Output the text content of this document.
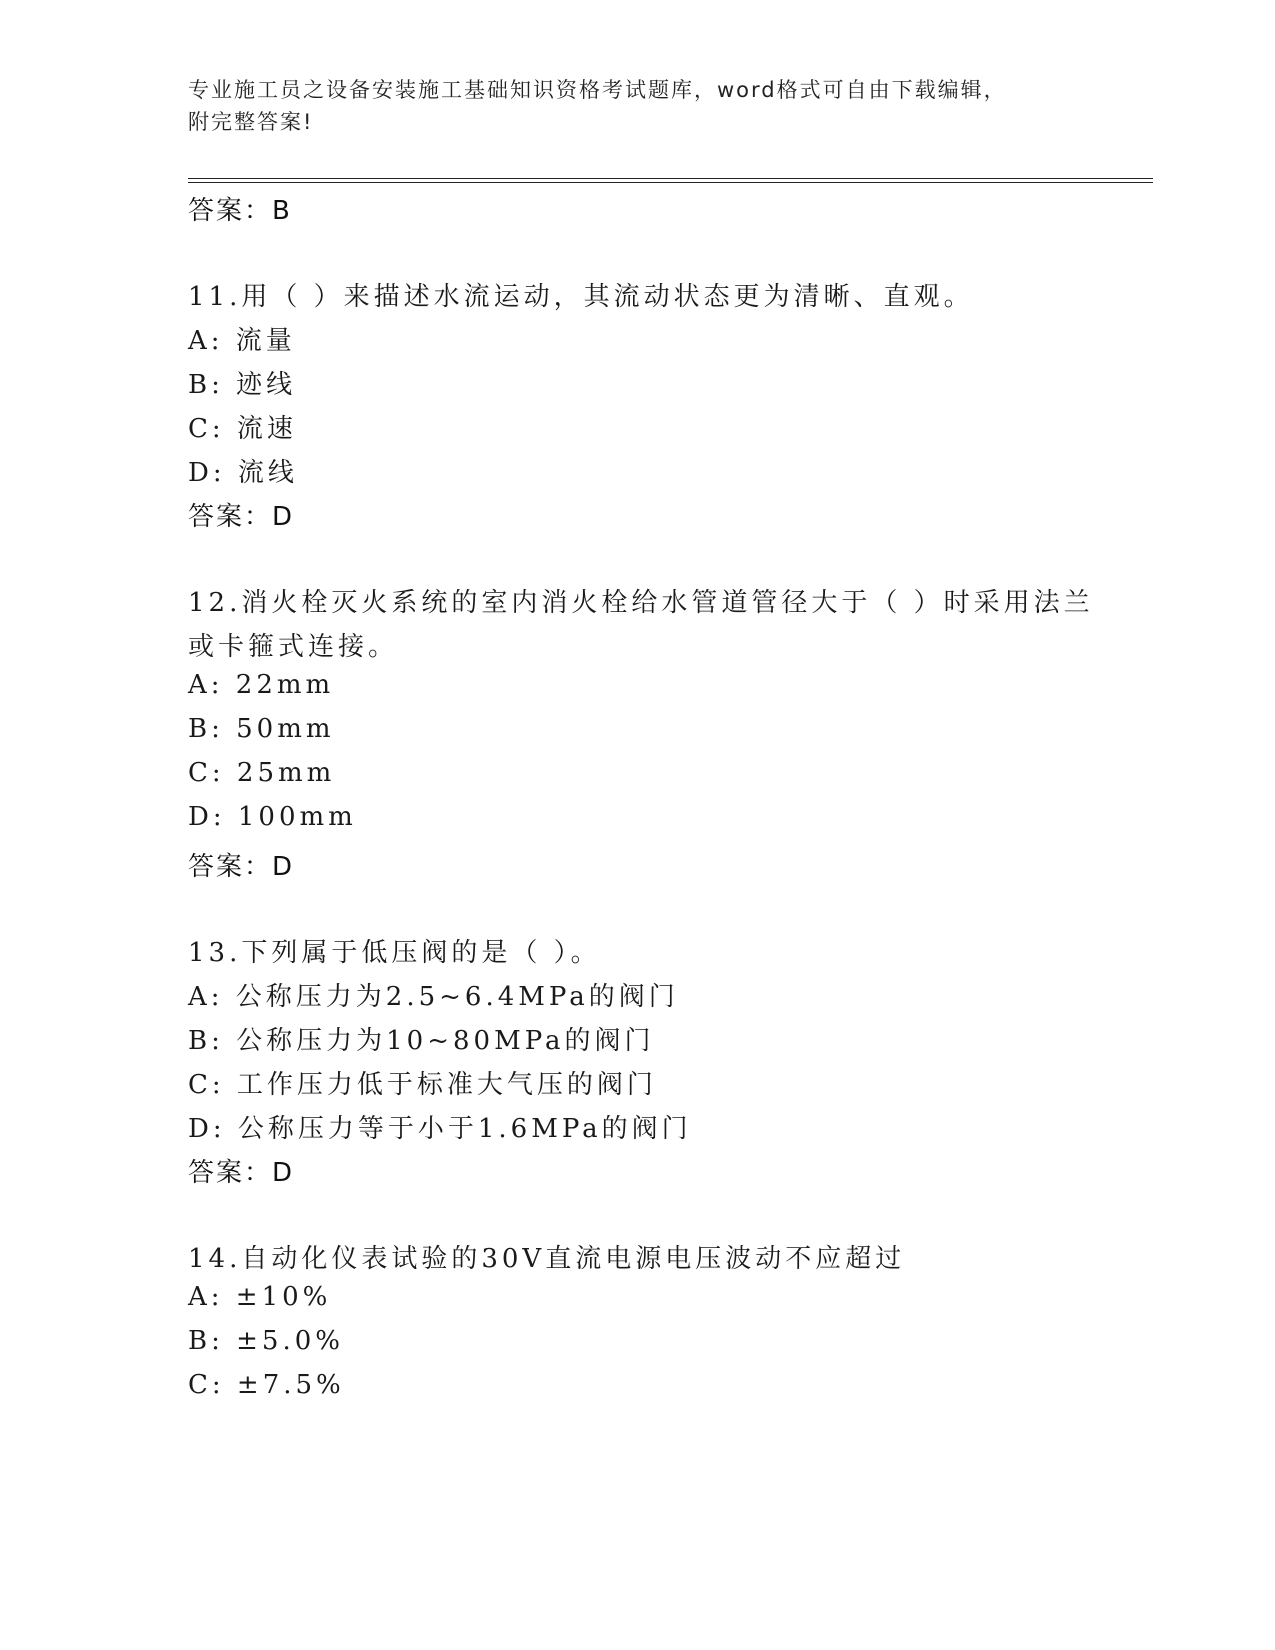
专业施工员之设备安装施工基础知识资格考试题库，word格式可自由下载编辑，
附完整答案!
答案：B
11.用（ ）来描述水流运动，其流动状态更为清晰、直观。
A: 流量
B: 迹线
C: 流速
D: 流线
答案：D
12.消火栓灭火系统的室内消火栓给水管道管径大于（ ）时采用法兰
或卡箍式连接。
A: 22mm
B: 50mm
C: 25mm
D: 100mm
答案：D
13.下列属于低压阀的是（ ）。
A: 公称压力为2.5~6.4MPa的阀门
B: 公称压力为10~80MPa的阀门
C: 工作压力低于标准大气压的阀门
D: 公称压力等于小于1.6MPa的阀门
答案：D
14.自动化仪表试验的30V直流电源电压波动不应超过
A: ±10%
B: ±5.0%
C: ±7.5%
